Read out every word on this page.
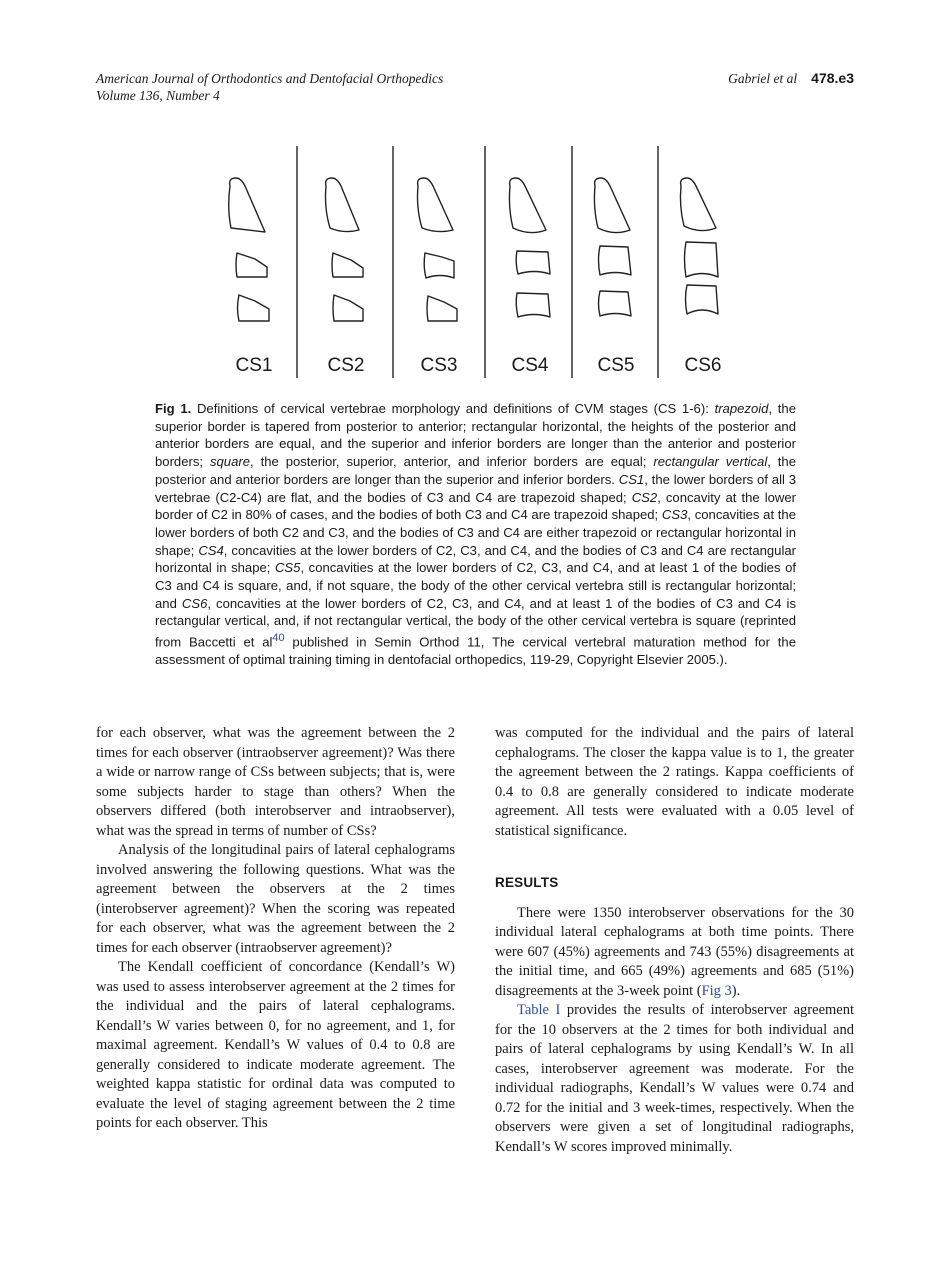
American Journal of Orthodontics and Dentofacial Orthopedics
Volume 136, Number 4
Gabriel et al 478.e3
CS1	CS2	CS3	CS4	CS5	CS6
Fig 1. Definitions of cervical vertebrae morphology and definitions of CVM stages (CS 1-6): trapezoid, the superior border is tapered from posterior to anterior; rectangular horizontal, the heights of the posterior and anterior borders are equal, and the superior and inferior borders are longer than the anterior and posterior borders; square, the posterior, superior, anterior, and inferior borders are equal; rectangular vertical, the posterior and anterior borders are longer than the superior and inferior borders. CS1, the lower borders of all 3 vertebrae (C2-C4) are flat, and the bodies of C3 and C4 are trapezoid shaped; CS2, concavity at the lower border of C2 in 80% of cases, and the bodies of both C3 and C4 are trapezoid shaped; CS3, concavities at the lower borders of both C2 and C3, and the bodies of C3 and C4 are either trapezoid or rectangular horizontal in shape; CS4, concavities at the lower borders of C2, C3, and C4, and the bodies of C3 and C4 are rectangular horizontal in shape; CS5, concavities at the lower borders of C2, C3, and C4, and at least 1 of the bodies of C3 and C4 is square, and, if not square, the body of the other cervical vertebra still is rectangular horizontal; and CS6, concavities at the lower borders of C2, C3, and C4, and at least 1 of the bodies of C3 and C4 is rectangular vertical, and, if not rectangular vertical, the body of the other cervical vertebra is square (reprinted from Baccetti et $al^{40}$ published in Semin Orthod 11, The cervical vertebral maturation method for the assessment of optimal training timing in dentofacial orthopedics, 119-29, Copyright Elsevier 2005.).

for each observer, what was the agreement between the 2 times for each observer (intraobserver agreement)? Was there a wide or narrow range of CSs between subjects; that is, were some subjects harder to stage than others? When the observers differed (both interobserver and intraobserver), what was the spread in terms of number of CSs?

Analysis of the longitudinal pairs of lateral cephalograms involved answering the following questions. What was the agreement between the observers at the 2 times (interobserver agreement)? When the scoring was repeated for each observer, what was the agreement between the 2 times for each observer (intraobserver agreement)?

The Kendall coefficient of concordance (Kendall’s W) was used to assess interobserver agreement at the 2 times for the individual and the pairs of lateral cephalograms. Kendall’s W varies between 0, for no agreement, and 1, for maximal agreement. Kendall’s W values of 0.4 to 0.8 are generally considered to indicate moderate agreement. The weighted kappa statistic for ordinal data was computed to evaluate the level of staging agreement between the 2 time points for each observer. This

was computed for the individual and the pairs of lateral cephalograms. The closer the kappa value is to 1, the greater the agreement between the 2 ratings. Kappa coefficients of 0.4 to 0.8 are generally considered to indicate moderate agreement. All tests were evaluated with a 0.05 level of statistical significance.

RESULTS

There were 1350 interobserver observations for the 30 individual lateral cephalograms at both time points. There were 607 (45%) agreements and 743 (55%) disagreements at the initial time, and 665 (49%) agreements and 685 (51%) disagreements at the 3-week point (Fig 3).

Table I provides the results of interobserver agreement for the 10 observers at the 2 times for both individual and pairs of lateral cephalograms by using Kendall’s W. In all cases, interobserver agreement was moderate. For the individual radiographs, Kendall’s W values were 0.74 and 0.72 for the initial and 3 week-times, respectively. When the observers were given a set of longitudinal radiographs, Kendall’s W scores improved minimally.
